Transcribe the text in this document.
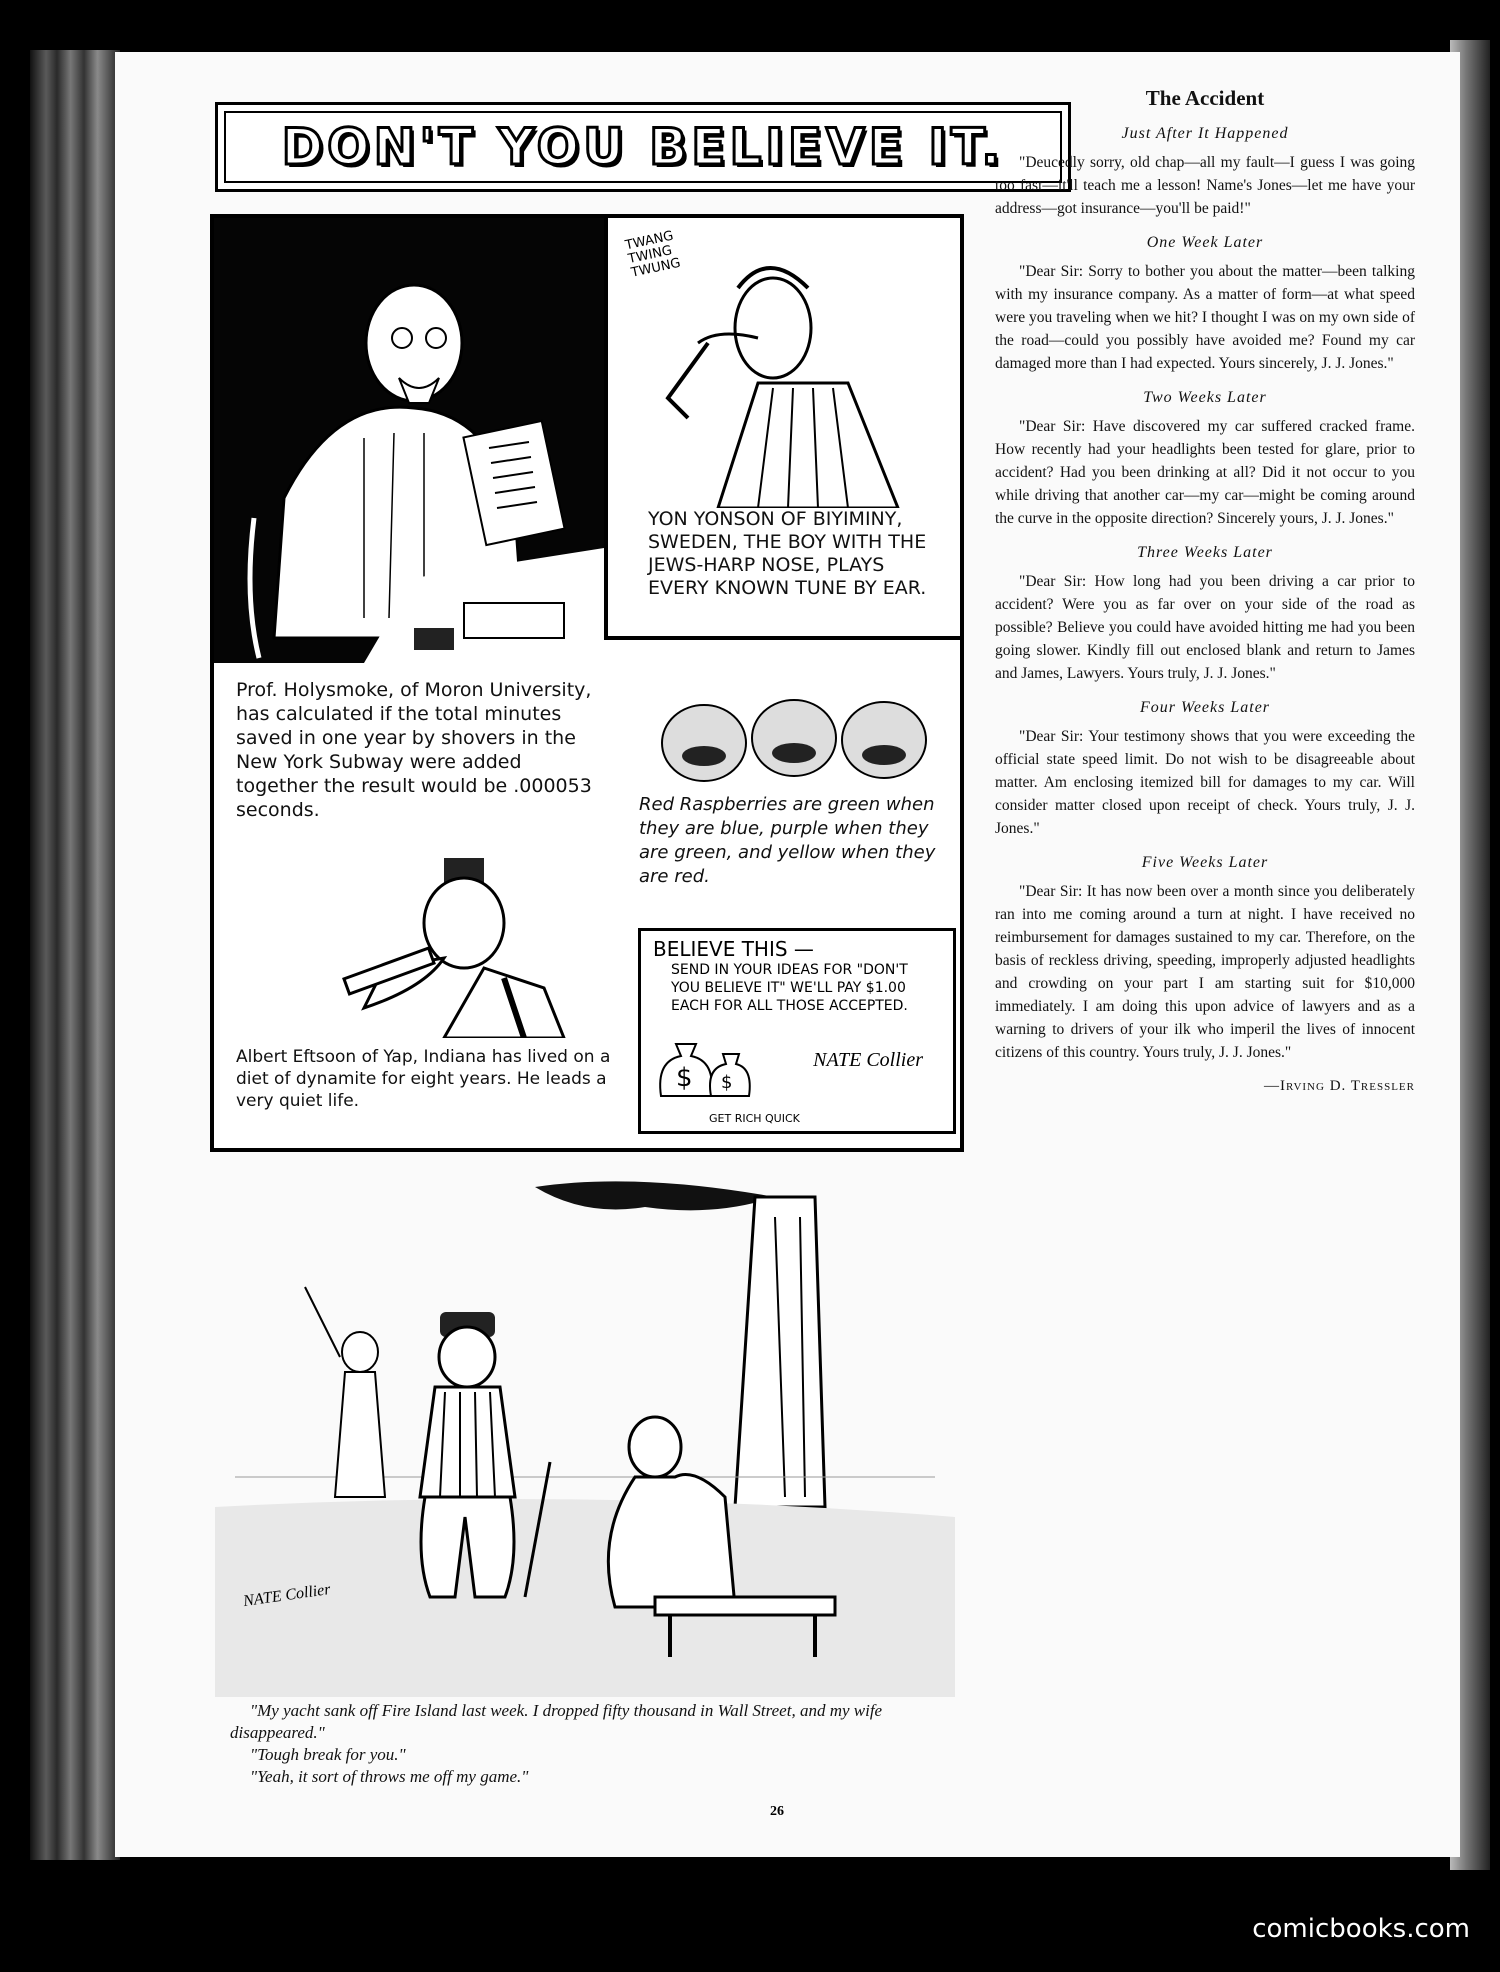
DON'T YOU BELIEVE IT.
TWANG
TWING
TWUNG
YON YONSON OF BIYIMINY, SWEDEN, THE BOY WITH THE JEWS-HARP NOSE, PLAYS EVERY KNOWN TUNE BY EAR.
Prof. Holysmoke, of Moron University, has calculated if the total minutes saved in one year by shovers in the New York Subway were added together the result would be .000053 seconds.	Red Raspberries are green when they are blue, purple when they are green, and yellow when they are red.
Albert Eftsoon of Yap, Indiana has lived on a diet of dynamite for eight years. He leads a very quiet life.
BELIEVE THIS —
SEND IN YOUR IDEAS FOR "DON'T YOU BELIEVE IT" WE'LL PAY $1.00 EACH FOR ALL THOSE ACCEPTED.
$ $
NATE Collier
GET RICH QUICK
NATE Collier

"My yacht sank off Fire Island last week. I dropped fifty thousand in Wall Street, and my wife disappeared."

"Tough break for you."

"Yeah, it sort of throws me off my game."

The Accident
Just After It Happened

"Deucedly sorry, old chap—all my fault—I guess I was going too fast—it'll teach me a lesson! Name's Jones—let me have your address—got insurance—you'll be paid!"

One Week Later

"Dear Sir: Sorry to bother you about the matter—been talking with my insurance company. As a matter of form—at what speed were you traveling when we hit? I thought I was on my own side of the road—could you possibly have avoided me? Found my car damaged more than I had expected. Yours sincerely, J. J. Jones."

Two Weeks Later

"Dear Sir: Have discovered my car suffered cracked frame. How recently had your headlights been tested for glare, prior to accident? Had you been drinking at all? Did it not occur to you while driving that another car—my car—might be coming around the curve in the opposite direction? Sincerely yours, J. J. Jones."

Three Weeks Later

"Dear Sir: How long had you been driving a car prior to accident? Were you as far over on your side of the road as possible? Believe you could have avoided hitting me had you been going slower. Kindly fill out enclosed blank and return to James and James, Lawyers. Yours truly, J. J. Jones."

Four Weeks Later

"Dear Sir: Your testimony shows that you were exceeding the official state speed limit. Do not wish to be disagreeable about matter. Am enclosing itemized bill for damages to my car. Will consider matter closed upon receipt of check. Yours truly, J. J. Jones."

Five Weeks Later

"Dear Sir: It has now been over a month since you deliberately ran into me coming around a turn at night. I have received no reimbursement for damages sustained to my car. Therefore, on the basis of reckless driving, speeding, improperly adjusted headlights and crowding on your part I am starting suit for $10,000 immediately. I am doing this upon advice of lawyers and as a warning to drivers of your ilk who imperil the lives of innocent citizens of this country. Yours truly, J. J. Jones."

—Irving D. Tressler
26
comicbooks.com
